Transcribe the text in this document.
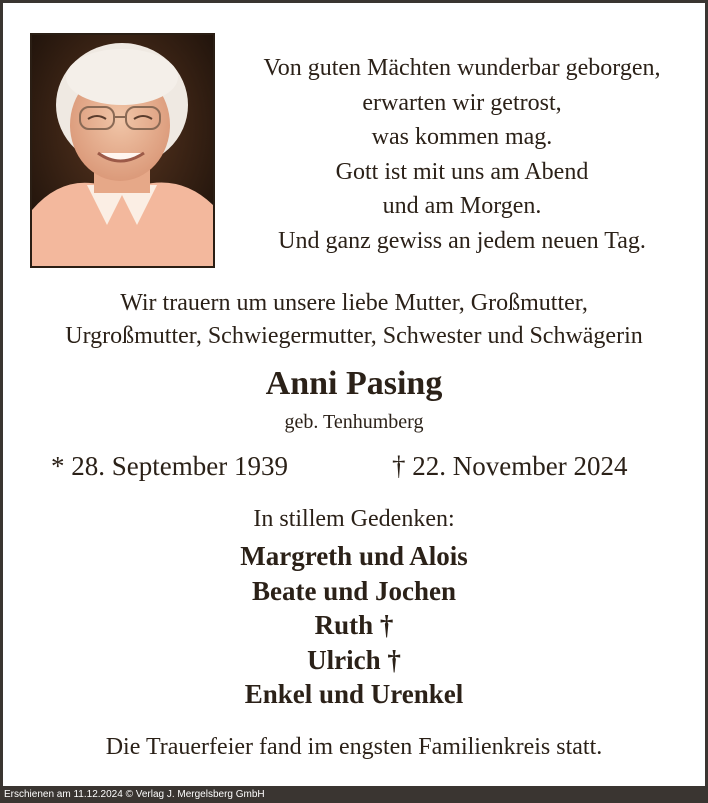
Von guten Mächten wunderbar geborgen,
erwarten wir getrost,
was kommen mag.
Gott ist mit uns am Abend
und am Morgen.
Und ganz gewiss an jedem neuen Tag.
Wir trauern um unsere liebe Mutter, Großmutter,
Urgroßmutter, Schwiegermutter, Schwester und Schwägerin
Anni Pasing
geb. Tenhumberg
* 28. September 1939	† 22. November 2024
In stillem Gedenken:
Margreth und Alois
Beate und Jochen
Ruth †
Ulrich †
Enkel und Urenkel
Die Trauerfeier fand im engsten Familienkreis statt.
Erschienen am 11.12.2024 © Verlag J. Mergelsberg GmbH
